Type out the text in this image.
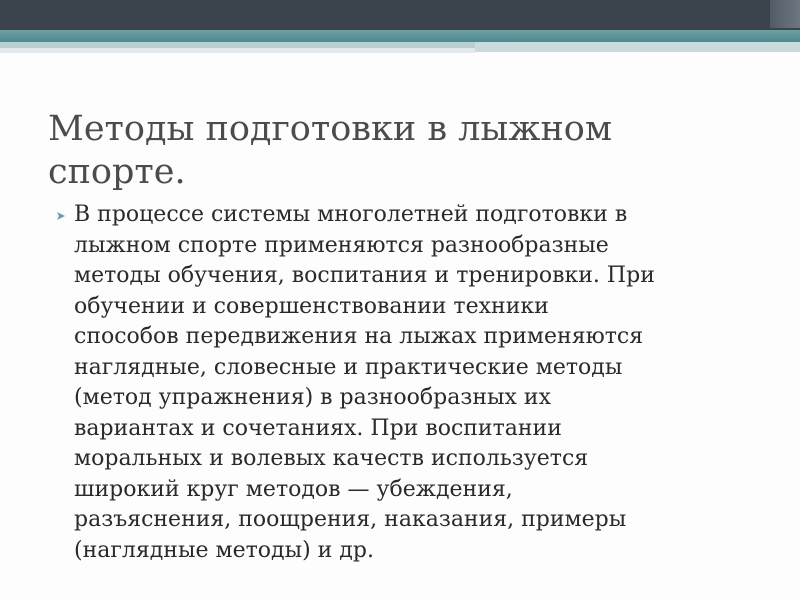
Методы подготовки в лыжном
спорте.
В процессе системы многолетней подготовки в
лыжном спорте применяются разнообразные
методы обучения, воспитания и тренировки. При
обучении и совершенствовании техники
способов передвижения на лыжах применяются
наглядные, словесные и практические методы
(метод упражнения) в разнообразных их
вариантах и сочетаниях. При воспитании
моральных и волевых качеств используется
широкий круг методов — убеждения,
разъяснения, поощрения, наказания, примеры
(наглядные методы) и др.
